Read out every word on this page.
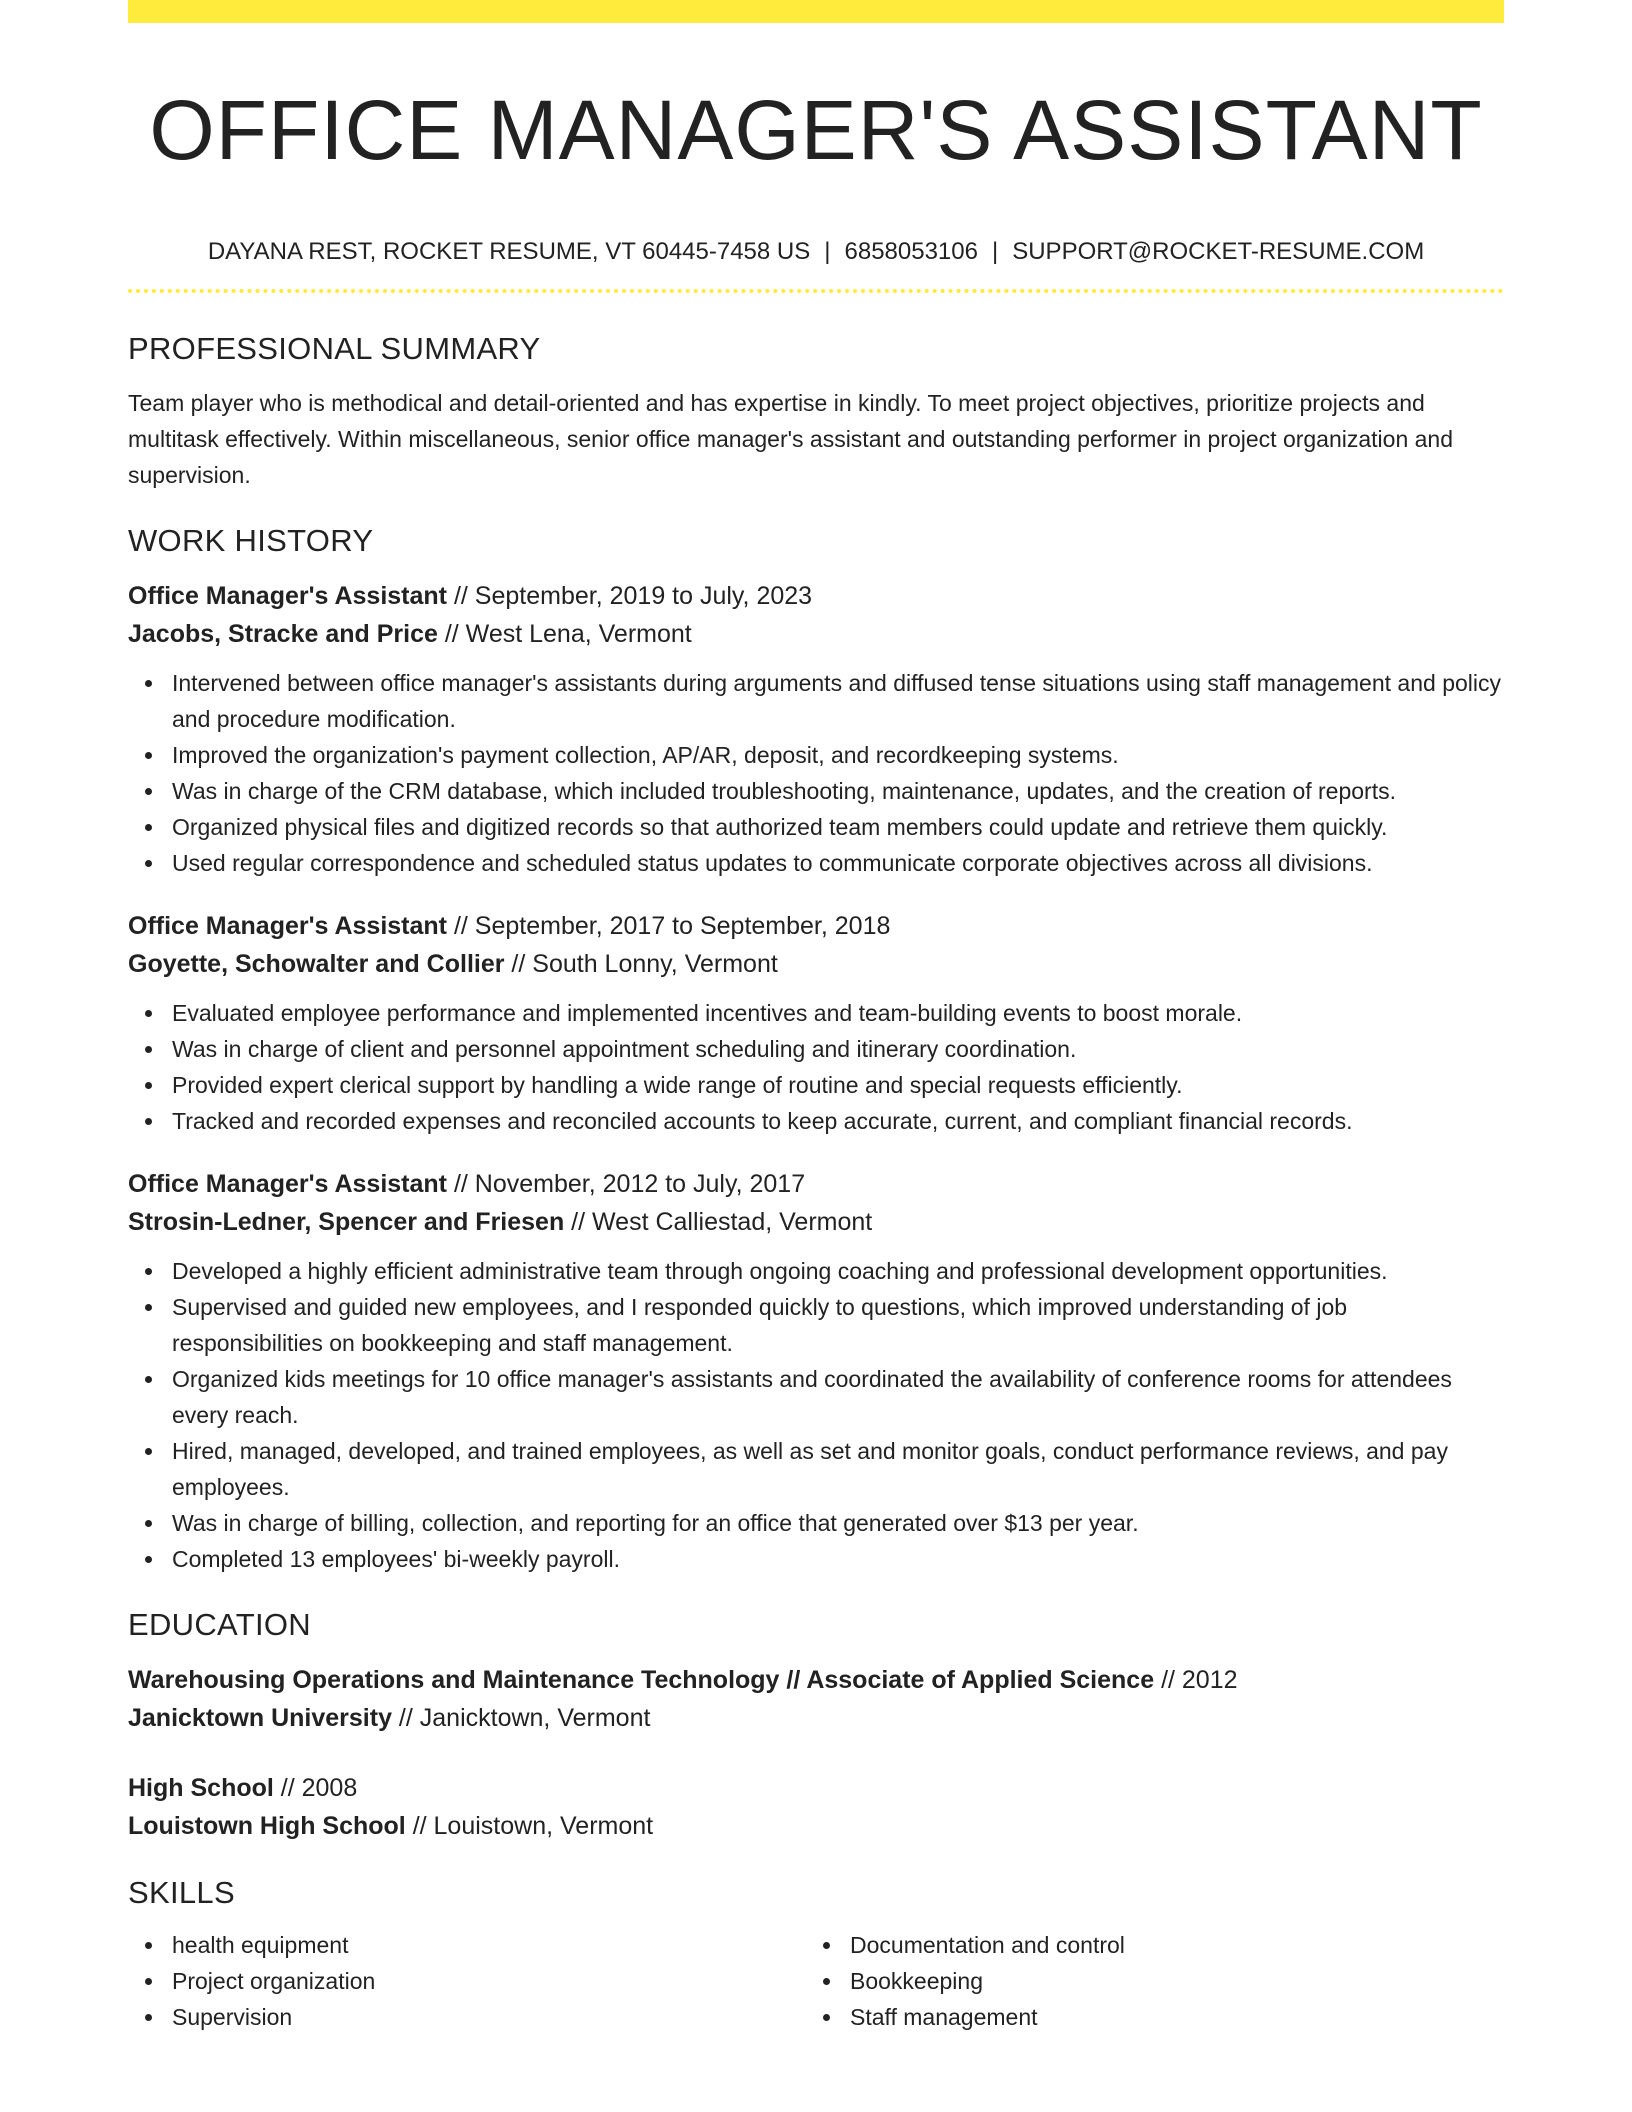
OFFICE MANAGER'S ASSISTANT
DAYANA REST, ROCKET RESUME, VT 60445-7458 US | 6858053106 | SUPPORT@ROCKET-RESUME.COM
PROFESSIONAL SUMMARY

Team player who is methodical and detail-oriented and has expertise in kindly. To meet project objectives, prioritize projects and multitask effectively. Within miscellaneous, senior office manager's assistant and outstanding performer in project organization and supervision.

WORK HISTORY
Office Manager's Assistant // September, 2019 to July, 2023
Jacobs, Stracke and Price // West Lena, Vermont
Intervened between office manager's assistants during arguments and diffused tense situations using staff management and policy and procedure modification.
Improved the organization's payment collection, AP/AR, deposit, and recordkeeping systems.
Was in charge of the CRM database, which included troubleshooting, maintenance, updates, and the creation of reports.
Organized physical files and digitized records so that authorized team members could update and retrieve them quickly.
Used regular correspondence and scheduled status updates to communicate corporate objectives across all divisions.
Office Manager's Assistant // September, 2017 to September, 2018
Goyette, Schowalter and Collier // South Lonny, Vermont
Evaluated employee performance and implemented incentives and team-building events to boost morale.
Was in charge of client and personnel appointment scheduling and itinerary coordination.
Provided expert clerical support by handling a wide range of routine and special requests efficiently.
Tracked and recorded expenses and reconciled accounts to keep accurate, current, and compliant financial records.
Office Manager's Assistant // November, 2012 to July, 2017
Strosin-Ledner, Spencer and Friesen // West Calliestad, Vermont
Developed a highly efficient administrative team through ongoing coaching and professional development opportunities.
Supervised and guided new employees, and I responded quickly to questions, which improved understanding of job responsibilities on bookkeeping and staff management.
Organized kids meetings for 10 office manager's assistants and coordinated the availability of conference rooms for attendees every reach.
Hired, managed, developed, and trained employees, as well as set and monitor goals, conduct performance reviews, and pay employees.
Was in charge of billing, collection, and reporting for an office that generated over $13 per year.
Completed 13 employees' bi-weekly payroll.
EDUCATION
Warehousing Operations and Maintenance Technology // Associate of Applied Science // 2012
Janicktown University // Janicktown, Vermont
High School // 2008
Louistown High School // Louistown, Vermont
SKILLS
health equipment
Project organization
Supervision
Documentation and control
Bookkeeping
Staff management
